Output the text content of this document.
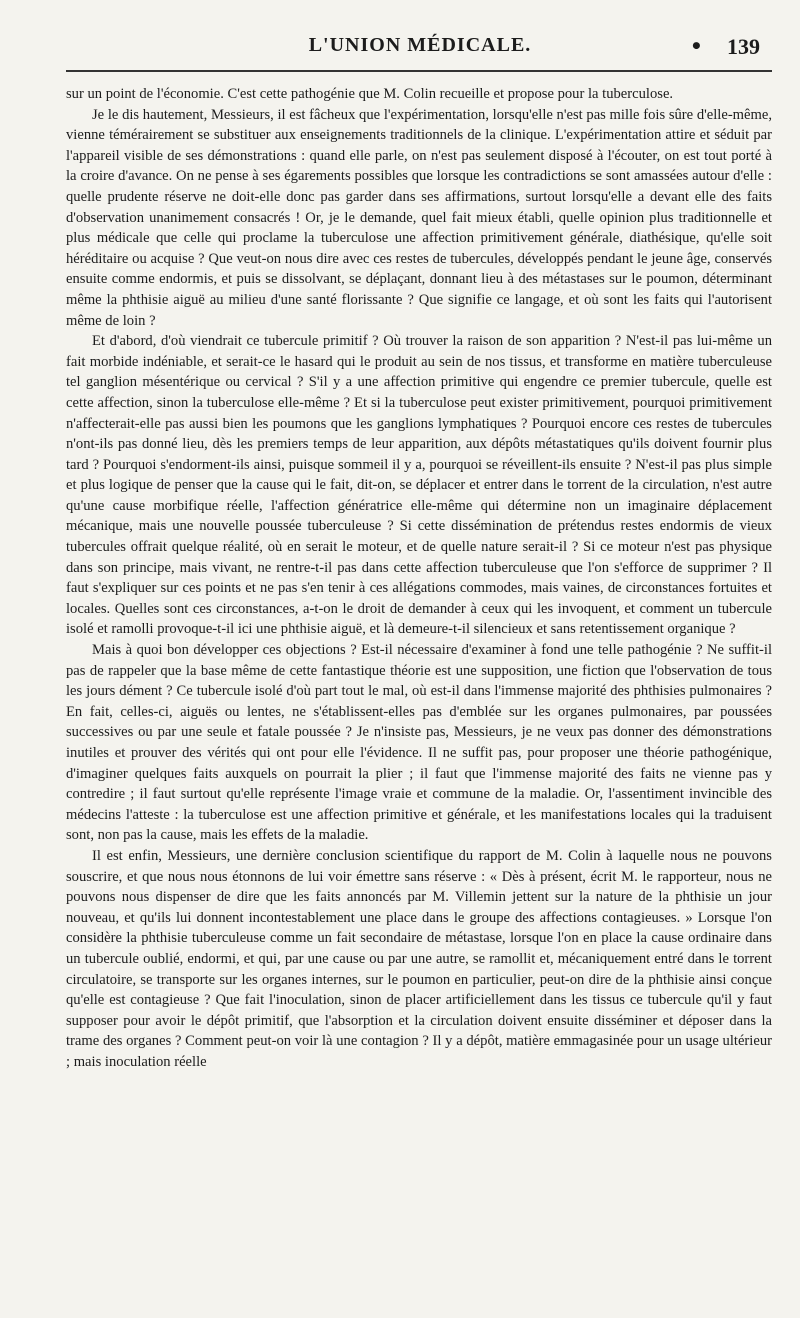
L'UNION MÉDICALE.	• 139

sur un point de l'économie. C'est cette pathogénie que M. Colin recueille et propose pour la tuberculose.

Je le dis hautement, Messieurs, il est fâcheux que l'expérimentation, lorsqu'elle n'est pas mille fois sûre d'elle-même, vienne témérairement se substituer aux enseignements traditionnels de la clinique. L'expérimentation attire et séduit par l'appareil visible de ses démonstrations : quand elle parle, on n'est pas seulement disposé à l'écouter, on est tout porté à la croire d'avance. On ne pense à ses égarements possibles que lorsque les contradictions se sont amassées autour d'elle : quelle prudente réserve ne doit-elle donc pas garder dans ses affirmations, surtout lorsqu'elle a devant elle des faits d'observation unanimement consacrés ! Or, je le demande, quel fait mieux établi, quelle opinion plus traditionnelle et plus médicale que celle qui proclame la tuberculose une affection primitivement générale, diathésique, qu'elle soit héréditaire ou acquise ? Que veut-on nous dire avec ces restes de tubercules, développés pendant le jeune âge, conservés ensuite comme endormis, et puis se dissolvant, se déplaçant, donnant lieu à des métastases sur le poumon, déterminant même la phthisie aiguë au milieu d'une santé florissante ? Que signifie ce langage, et où sont les faits qui l'autorisent même de loin ?

Et d'abord, d'où viendrait ce tubercule primitif ? Où trouver la raison de son apparition ? N'est-il pas lui-même un fait morbide indéniable, et serait-ce le hasard qui le produit au sein de nos tissus, et transforme en matière tuberculeuse tel ganglion mésentérique ou cervical ? S'il y a une affection primitive qui engendre ce premier tubercule, quelle est cette affection, sinon la tuberculose elle-même ? Et si la tuberculose peut exister primitivement, pourquoi primitivement n'affecterait-elle pas aussi bien les poumons que les ganglions lymphatiques ? Pourquoi encore ces restes de tubercules n'ont-ils pas donné lieu, dès les premiers temps de leur apparition, aux dépôts métastatiques qu'ils doivent fournir plus tard ? Pourquoi s'endorment-ils ainsi, puisque sommeil il y a, pourquoi se réveillent-ils ensuite ? N'est-il pas plus simple et plus logique de penser que la cause qui le fait, dit-on, se déplacer et entrer dans le torrent de la circulation, n'est autre qu'une cause morbifique réelle, l'affection génératrice elle-même qui détermine non un imaginaire déplacement mécanique, mais une nouvelle poussée tuberculeuse ? Si cette dissémination de prétendus restes endormis de vieux tubercules offrait quelque réalité, où en serait le moteur, et de quelle nature serait-il ? Si ce moteur n'est pas physique dans son principe, mais vivant, ne rentre-t-il pas dans cette affection tuberculeuse que l'on s'efforce de supprimer ? Il faut s'expliquer sur ces points et ne pas s'en tenir à ces allégations commodes, mais vaines, de circonstances fortuites et locales. Quelles sont ces circonstances, a-t-on le droit de demander à ceux qui les invoquent, et comment un tubercule isolé et ramolli provoque-t-il ici une phthisie aiguë, et là demeure-t-il silencieux et sans retentissement organique ?

Mais à quoi bon développer ces objections ? Est-il nécessaire d'examiner à fond une telle pathogénie ? Ne suffit-il pas de rappeler que la base même de cette fantastique théorie est une supposition, une fiction que l'observation de tous les jours dément ? Ce tubercule isolé d'où part tout le mal, où est-il dans l'immense majorité des phthisies pulmonaires ? En fait, celles-ci, aiguës ou lentes, ne s'établissent-elles pas d'emblée sur les organes pulmonaires, par poussées successives ou par une seule et fatale poussée ? Je n'insiste pas, Messieurs, je ne veux pas donner des démonstrations inutiles et prouver des vérités qui ont pour elle l'évidence. Il ne suffit pas, pour proposer une théorie pathogénique, d'imaginer quelques faits auxquels on pourrait la plier ; il faut que l'immense majorité des faits ne vienne pas y contredire ; il faut surtout qu'elle représente l'image vraie et commune de la maladie. Or, l'assentiment invincible des médecins l'atteste : la tuberculose est une affection primitive et générale, et les manifestations locales qui la traduisent sont, non pas la cause, mais les effets de la maladie.

Il est enfin, Messieurs, une dernière conclusion scientifique du rapport de M. Colin à laquelle nous ne pouvons souscrire, et que nous nous étonnons de lui voir émettre sans réserve : « Dès à présent, écrit M. le rapporteur, nous ne pouvons nous dispenser de dire que les faits annoncés par M. Villemin jettent sur la nature de la phthisie un jour nouveau, et qu'ils lui donnent incontestablement une place dans le groupe des affections contagieuses. » Lorsque l'on considère la phthisie tuberculeuse comme un fait secondaire de métastase, lorsque l'on en place la cause ordinaire dans un tubercule oublié, endormi, et qui, par une cause ou par une autre, se ramollit et, mécaniquement entré dans le torrent circulatoire, se transporte sur les organes internes, sur le poumon en particulier, peut-on dire de la phthisie ainsi conçue qu'elle est contagieuse ? Que fait l'inoculation, sinon de placer artificiellement dans les tissus ce tubercule qu'il y faut supposer pour avoir le dépôt primitif, que l'absorption et la circulation doivent ensuite disséminer et déposer dans la trame des organes ? Comment peut-on voir là une contagion ? Il y a dépôt, matière emmagasinée pour un usage ultérieur ; mais inoculation réelle
